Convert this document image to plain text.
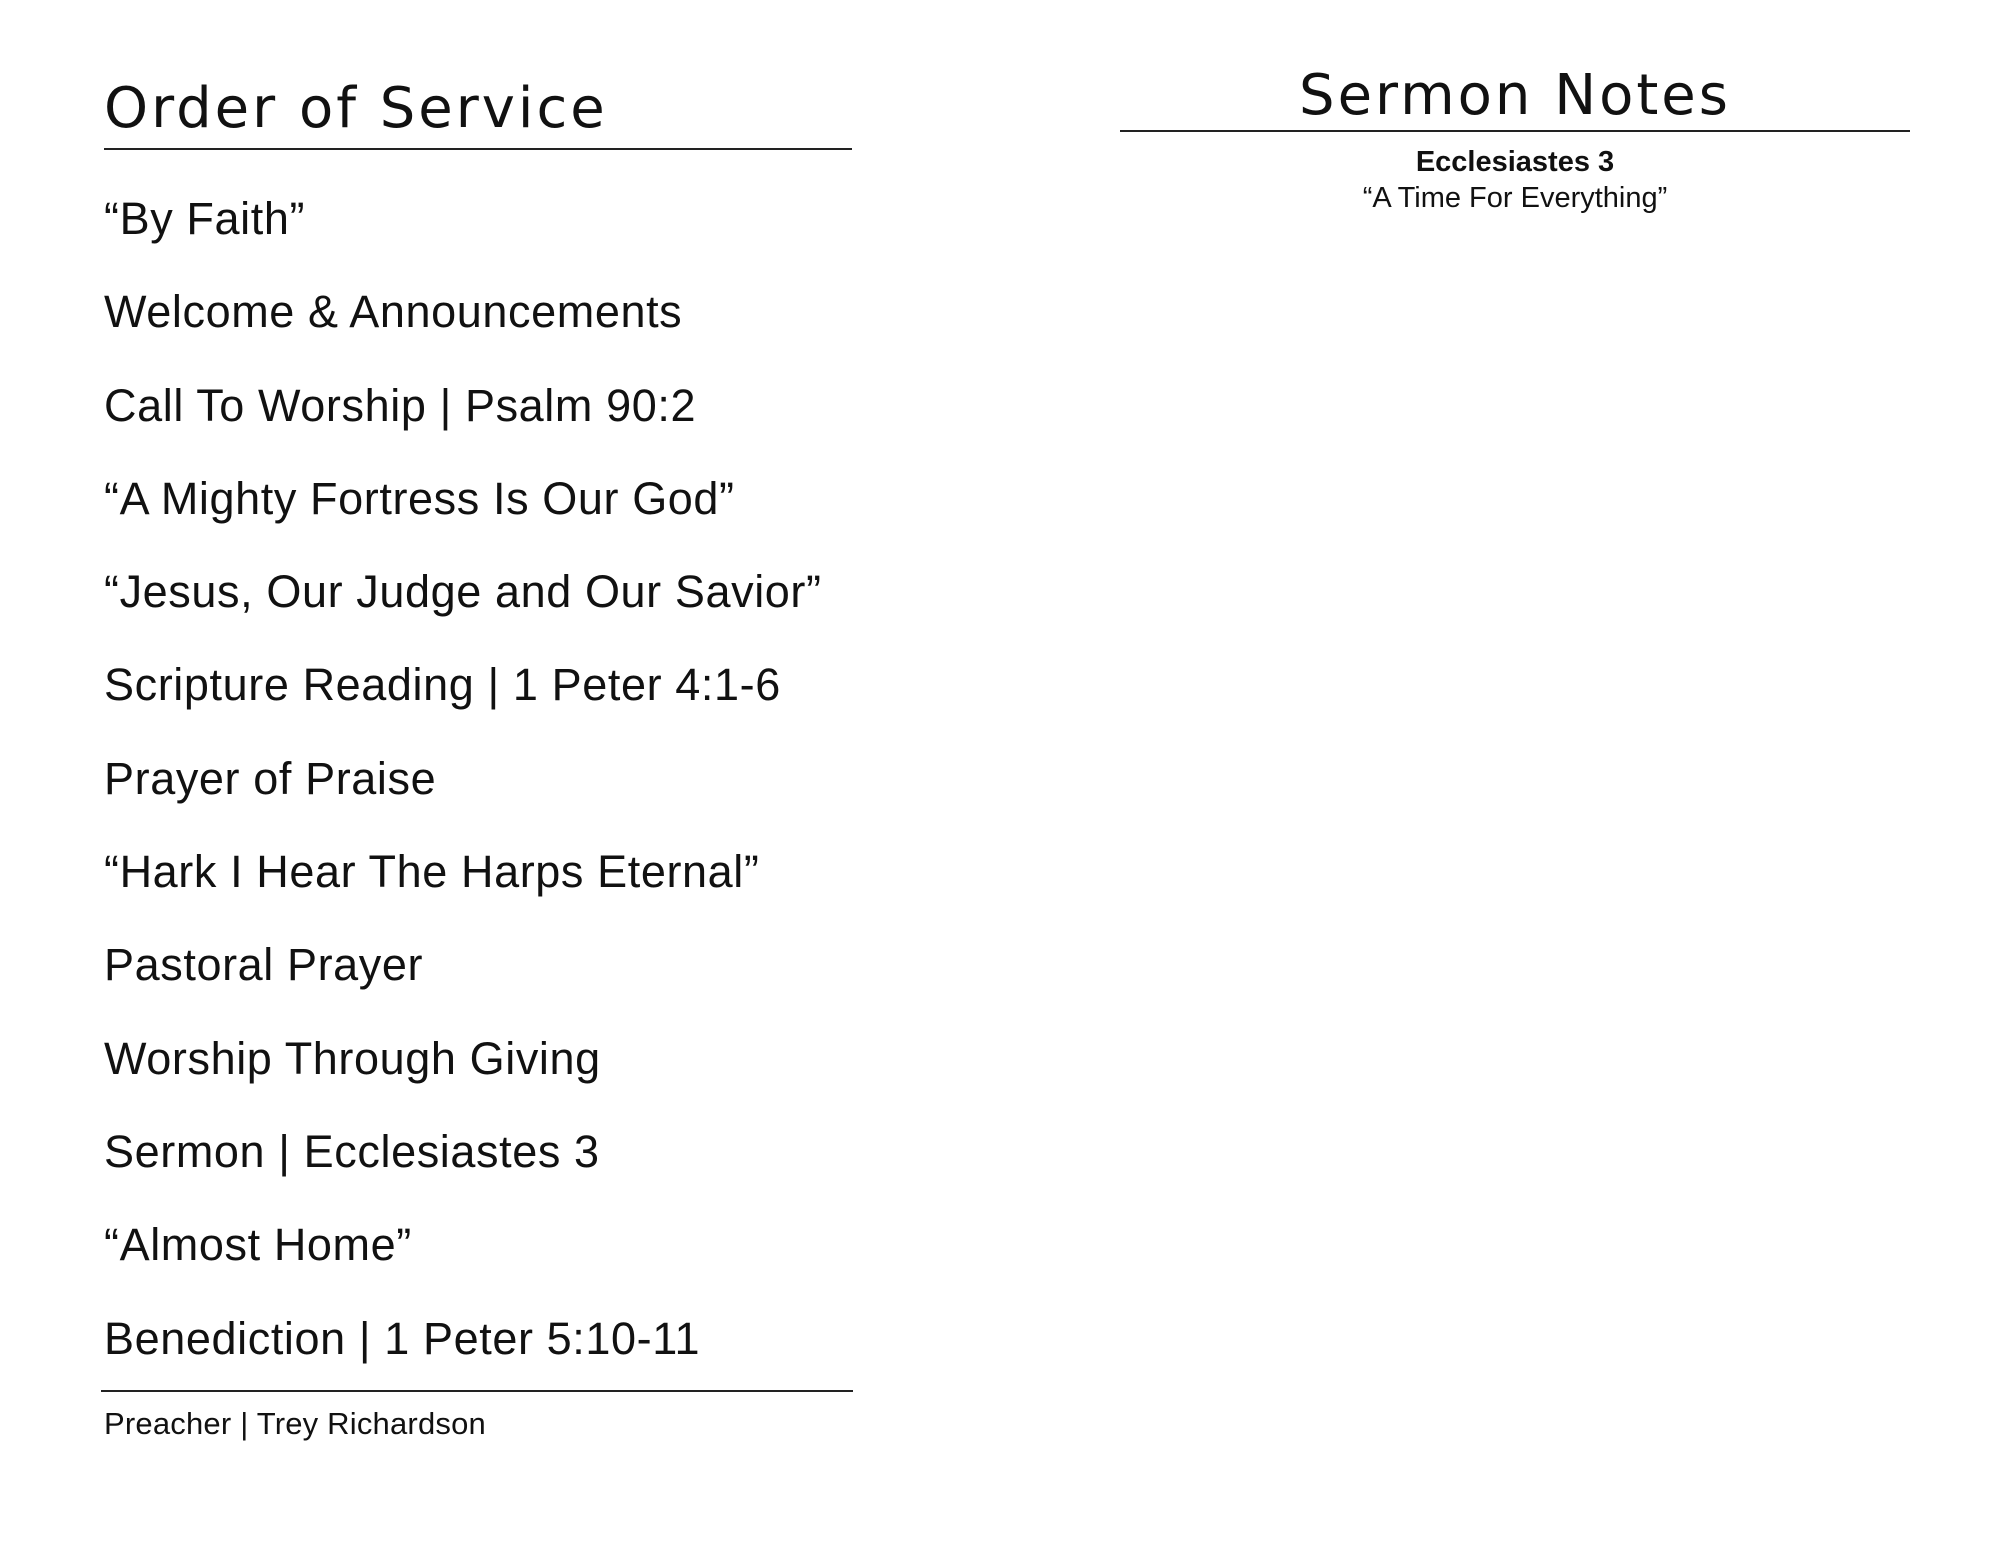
Order of Service
“By Faith”
Welcome & Announcements
Call To Worship | Psalm 90:2
“A Mighty Fortress Is Our God”
“Jesus, Our Judge and Our Savior”
Scripture Reading | 1 Peter 4:1-6
Prayer of Praise
“Hark I Hear The Harps Eternal”
Pastoral Prayer
Worship Through Giving
Sermon | Ecclesiastes 3
“Almost Home”
Benediction | 1 Peter 5:10-11
Preacher | Trey Richardson
Sermon Notes
Ecclesiastes 3
“A Time For Everything”
